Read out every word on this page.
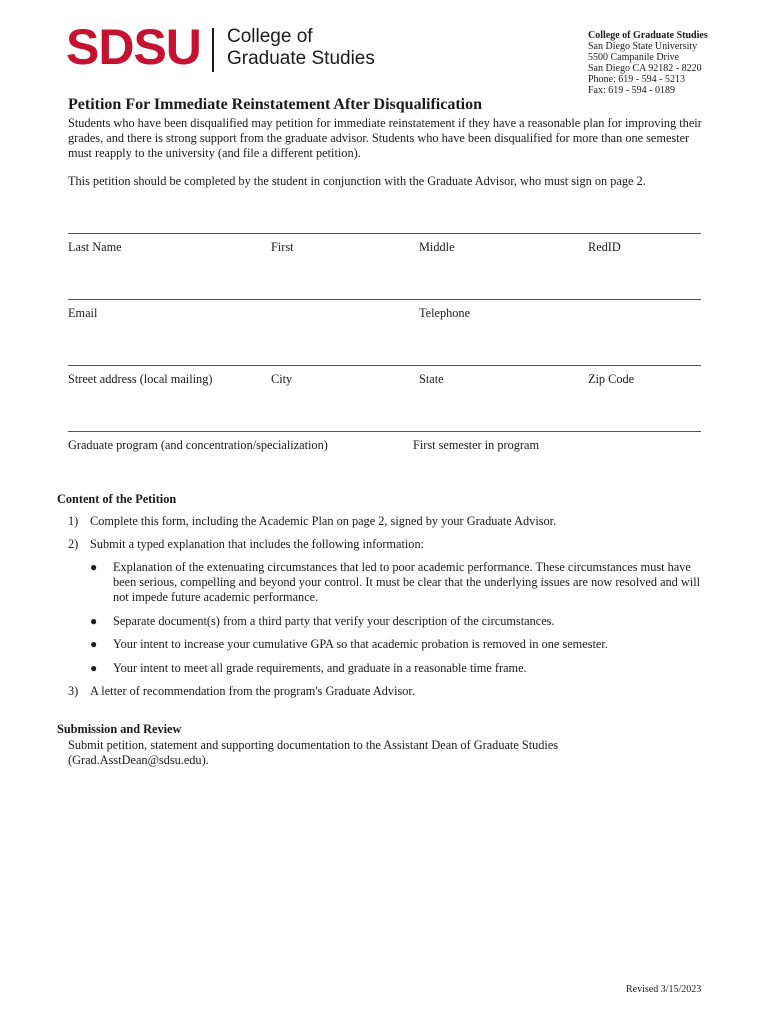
SDSU College of
Graduate Studies
College of Graduate Studies
San Diego State University
5500 Campanile Drive
San Diego CA 92182 - 8220
Phone: 619 - 594 - 5213
Fax: 619 - 594 - 0189
Petition For Immediate Reinstatement After Disqualification
Students who have been disqualified may petition for immediate reinstatement if they have a reasonable plan for improving their grades, and there is strong support from the graduate advisor. Students who have been disqualified for more than one semester must reapply to the university (and file a different petition).
This petition should be completed by the student in conjunction with the Graduate Advisor, who must sign on page 2.
Last Name	First	Middle	RedID
Email	Telephone
Street address (local mailing)	City	State	Zip Code
Graduate program (and concentration/specialization)	First semester in program
Content of the Petition
1) Complete this form, including the Academic Plan on page 2, signed by your Graduate Advisor.
2) Submit a typed explanation that includes the following information:
● Explanation of the extenuating circumstances that led to poor academic performance. These circumstances must have been serious, compelling and beyond your control. It must be clear that the underlying issues are now resolved and will not impede future academic performance.
● Separate document(s) from a third party that verify your description of the circumstances.
● Your intent to increase your cumulative GPA so that academic probation is removed in one semester.
● Your intent to meet all grade requirements, and graduate in a reasonable time frame.
3) A letter of recommendation from the program's Graduate Advisor.
Submission and Review
Submit petition, statement and supporting documentation to the Assistant Dean of Graduate Studies (Grad.AsstDean@sdsu.edu).
Revised 3/15/2023
